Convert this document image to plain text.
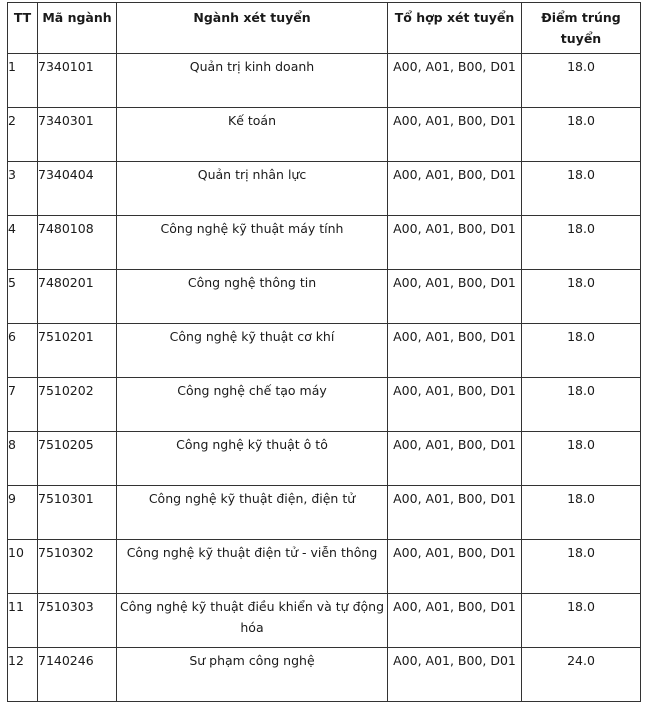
TT	Mã ngành	Ngành xét tuyển	Tổ hợp xét tuyển	Điểm trúng tuyển
1	7340101	Quản trị kinh doanh	A00, A01, B00, D01	18.0
2	7340301	Kế toán	A00, A01, B00, D01	18.0
3	7340404	Quản trị nhân lực	A00, A01, B00, D01	18.0
4	7480108	Công nghệ kỹ thuật máy tính	A00, A01, B00, D01	18.0
5	7480201	Công nghệ thông tin	A00, A01, B00, D01	18.0
6	7510201	Công nghệ kỹ thuật cơ khí	A00, A01, B00, D01	18.0
7	7510202	Công nghệ chế tạo máy	A00, A01, B00, D01	18.0
8	7510205	Công nghệ kỹ thuật ô tô	A00, A01, B00, D01	18.0
9	7510301	Công nghệ kỹ thuật điện, điện tử	A00, A01, B00, D01	18.0
10	7510302	Công nghệ kỹ thuật điện tử - viễn thông	A00, A01, B00, D01	18.0
11	7510303	Công nghệ kỹ thuật điều khiển và tự động hóa	A00, A01, B00, D01	18.0
12	7140246	Sư phạm công nghệ	A00, A01, B00, D01	24.0
